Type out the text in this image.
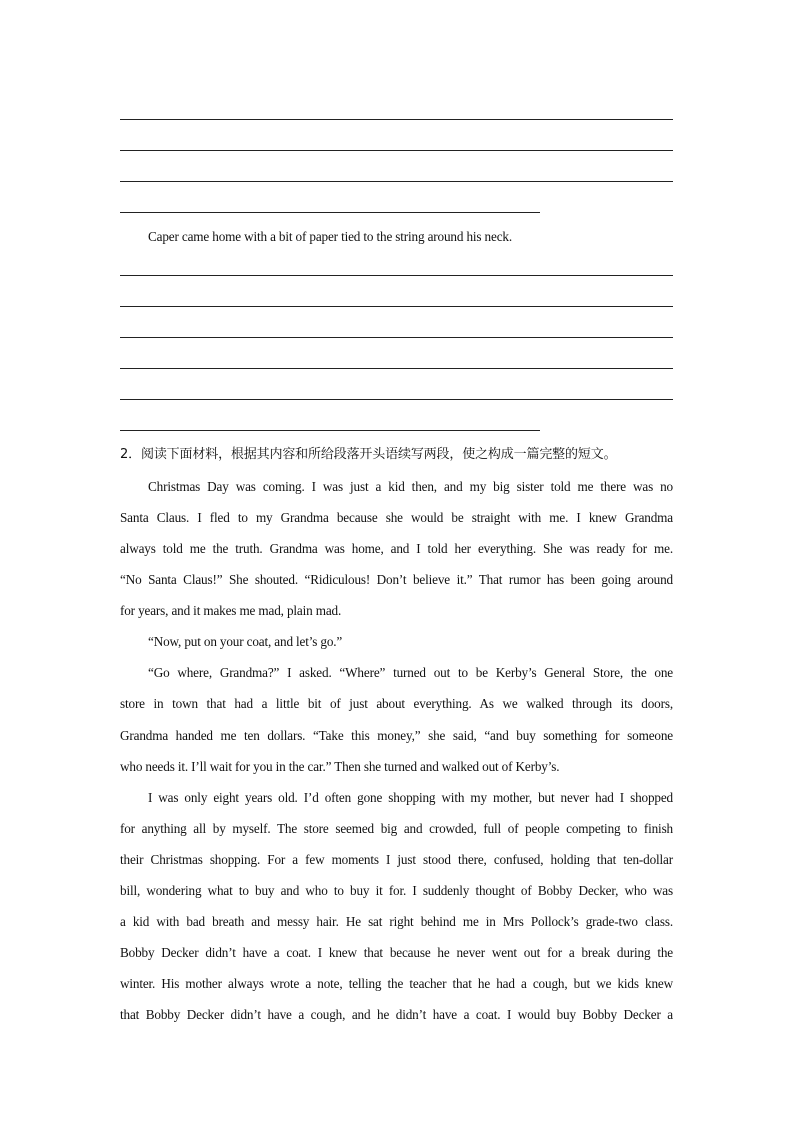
Caper came home with a bit of paper tied to the string around his neck.
2．阅读下面材料，根据其内容和所给段落开头语续写两段，使之构成一篇完整的短文。
Christmas Day was coming. I was just a kid then, and my big sister told me there was no
Santa Claus. I fled to my Grandma because she would be straight with me. I knew Grandma
always told me the truth. Grandma was home, and I told her everything. She was ready for me.
“No Santa Claus!” She shouted. “Ridiculous! Don’t believe it.” That rumor has been going around
for years, and it makes me mad, plain mad.
“Now, put on your coat, and let’s go.”
“Go where, Grandma?” I asked. “Where” turned out to be Kerby’s General Store, the one
store in town that had a little bit of just about everything. As we walked through its doors,
Grandma handed me ten dollars. “Take this money,” she said, “and buy something for someone
who needs it. I’ll wait for you in the car.” Then she turned and walked out of Kerby’s.
I was only eight years old. I’d often gone shopping with my mother, but never had I shopped
for anything all by myself. The store seemed big and crowded, full of people competing to finish
their Christmas shopping. For a few moments I just stood there, confused, holding that ten-dollar
bill, wondering what to buy and who to buy it for. I suddenly thought of Bobby Decker, who was
a kid with bad breath and messy hair. He sat right behind me in Mrs Pollock’s grade-two class.
Bobby Decker didn’t have a coat. I knew that because he never went out for a break during the
winter. His mother always wrote a note, telling the teacher that he had a cough, but we kids knew
that Bobby Decker didn’t have a cough, and he didn’t have a coat. I would buy Bobby Decker a
